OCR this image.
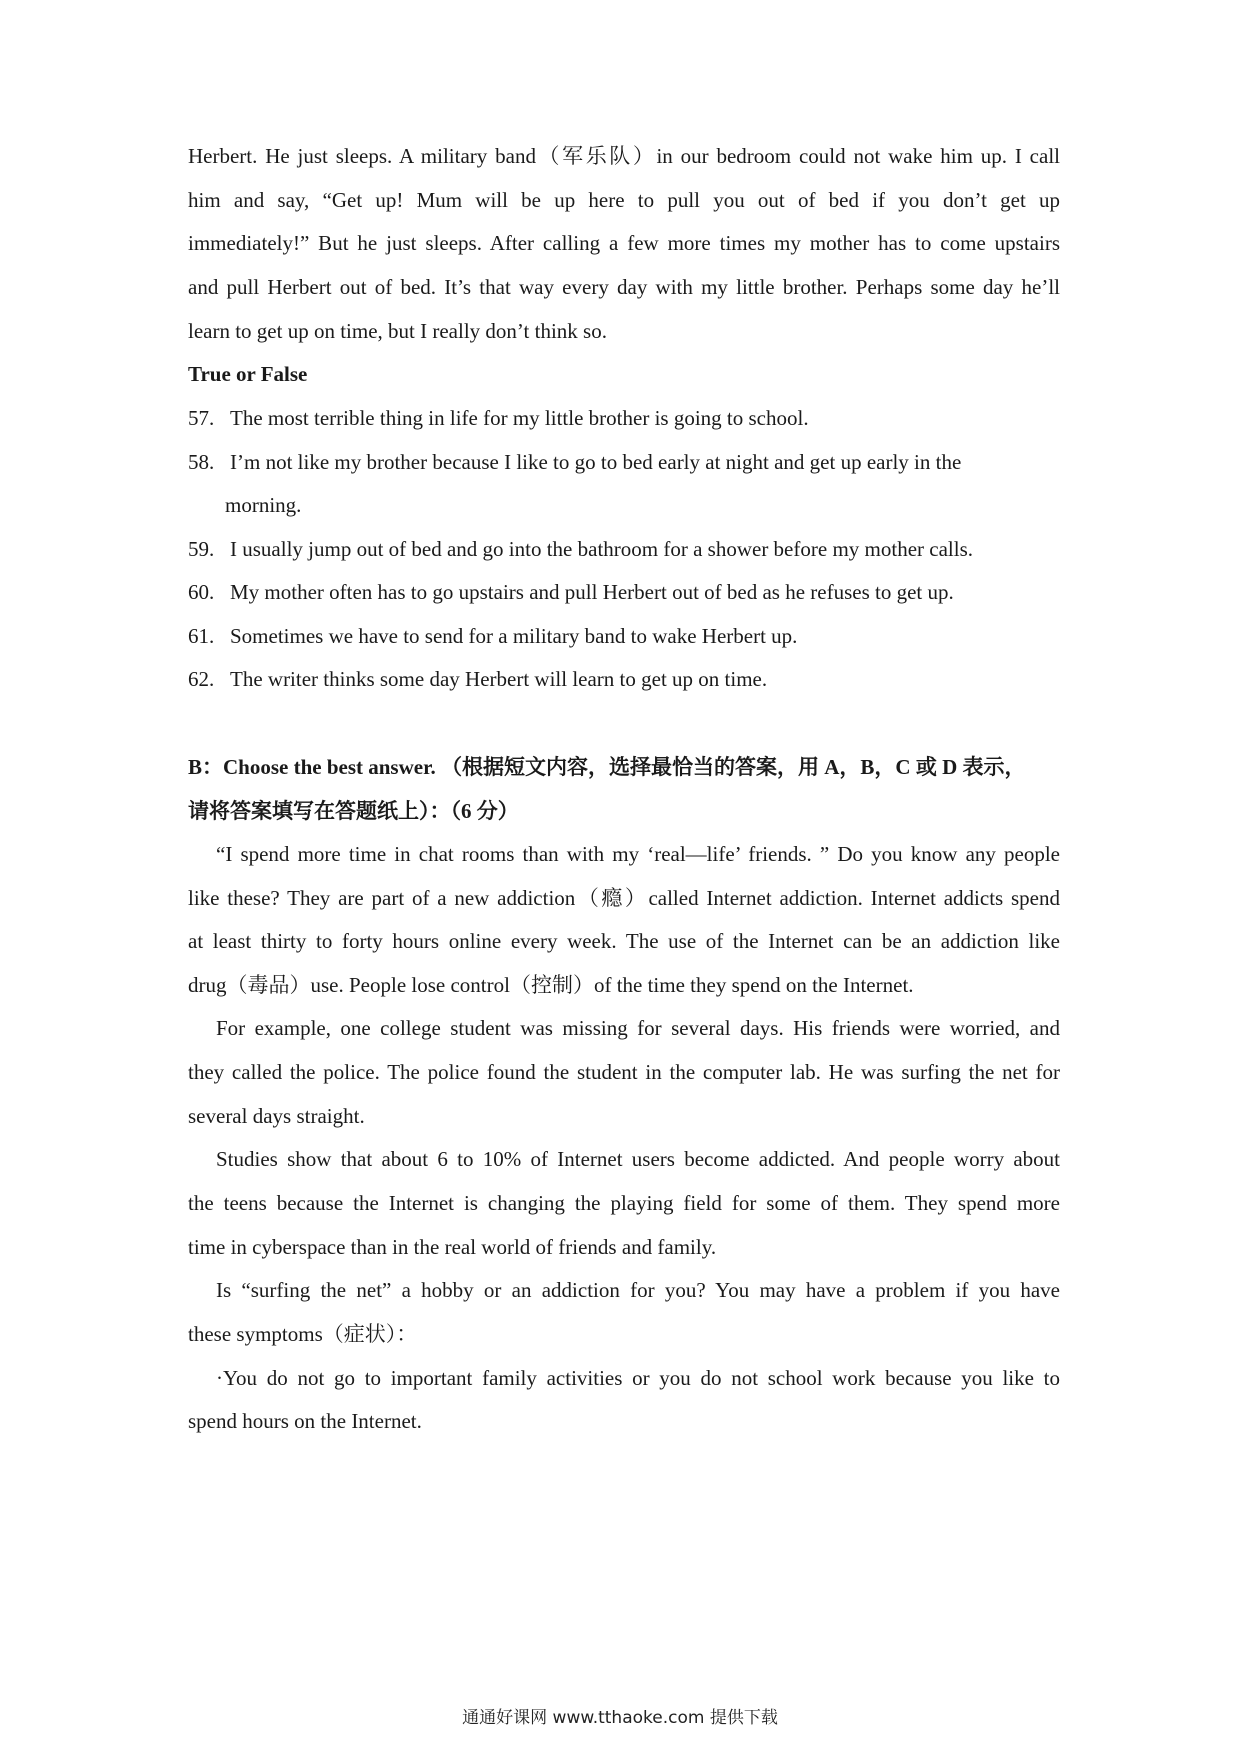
Herbert. He just sleeps. A military band（军乐队）in our bedroom could not wake him up. I call
him and say, “Get up! Mum will be up here to pull you out of bed if you don’t get up
immediately!” But he just sleeps. After calling a few more times my mother has to come upstairs
and pull Herbert out of bed. It’s that way every day with my little brother. Perhaps some day he’ll
learn to get up on time, but I really don’t think so.
True or False
57. The most terrible thing in life for my little brother is going to school.
58. I’m not like my brother because I like to go to bed early at night and get up early in the
morning.
59. I usually jump out of bed and go into the bathroom for a shower before my mother calls.
60. My mother often has to go upstairs and pull Herbert out of bed as he refuses to get up.
61. Sometimes we have to send for a military band to wake Herbert up.
62. The writer thinks some day Herbert will learn to get up on time.
B：Choose the best answer. （根据短文内容，选择最恰当的答案，用 A，B，C 或 D 表示，
请将答案填写在答题纸上）：（6 分）
“I spend more time in chat rooms than with my ‘real—life’ friends. ” Do you know any people
like these? They are part of a new addiction（瘾）called Internet addiction. Internet addicts spend
at least thirty to forty hours online every week. The use of the Internet can be an addiction like
drug（毒品）use. People lose control（控制）of the time they spend on the Internet.
For example, one college student was missing for several days. His friends were worried, and
they called the police. The police found the student in the computer lab. He was surfing the net for
several days straight.
Studies show that about 6 to 10% of Internet users become addicted. And people worry about
the teens because the Internet is changing the playing field for some of them. They spend more
time in cyberspace than in the real world of friends and family.
Is “surfing the net” a hobby or an addiction for you? You may have a problem if you have
these symptoms（症状）：
·You do not go to important family activities or you do not school work because you like to
spend hours on the Internet.
通通好课网 www.tthaoke.com 提供下载
